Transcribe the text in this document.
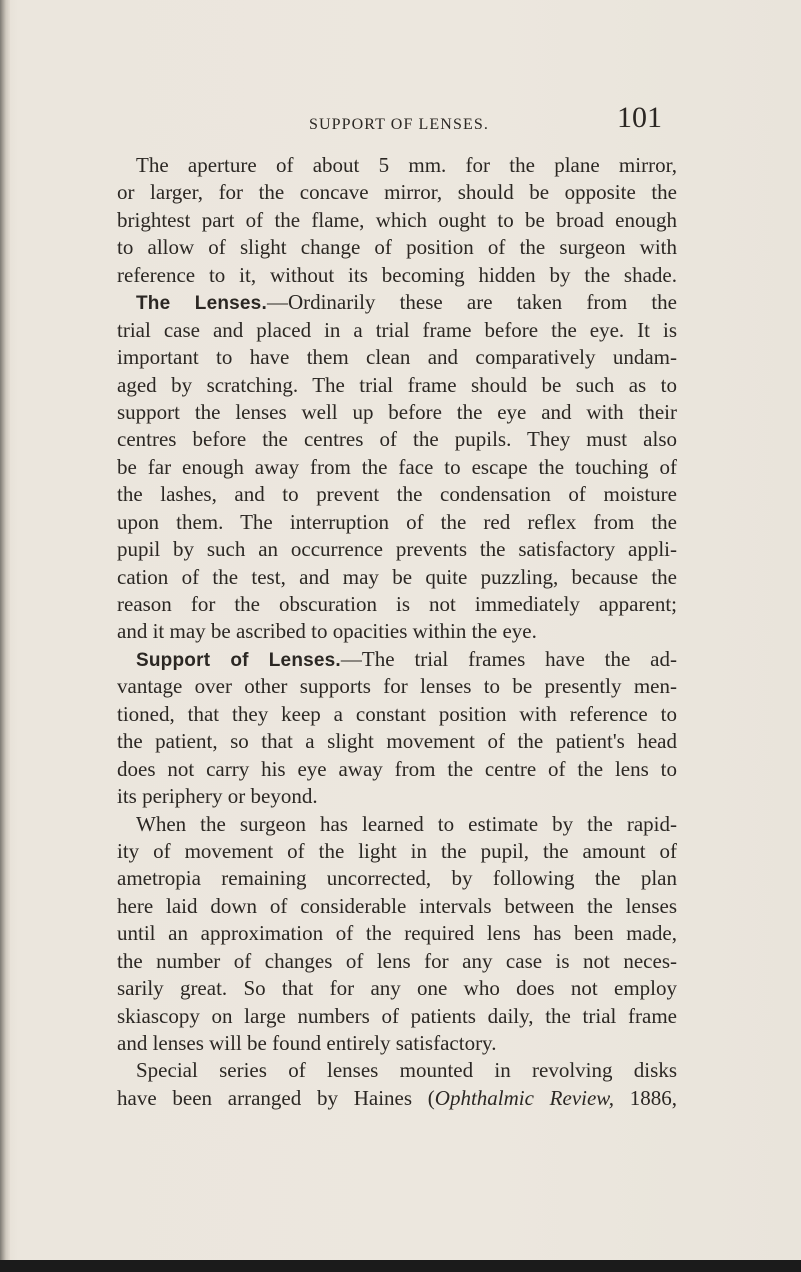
SUPPORT OF LENSES.	101
The aperture of about 5 mm. for the plane mirror,
or larger, for the concave mirror, should be opposite the
brightest part of the flame, which ought to be broad enough
to allow of slight change of position of the surgeon with
reference to it, without its becoming hidden by the shade.
The Lenses.—Ordinarily these are taken from the
trial case and placed in a trial frame before the eye. It is
important to have them clean and comparatively undam-
aged by scratching. The trial frame should be such as to
support the lenses well up before the eye and with their
centres before the centres of the pupils. They must also
be far enough away from the face to escape the touching of
the lashes, and to prevent the condensation of moisture
upon them. The interruption of the red reflex from the
pupil by such an occurrence prevents the satisfactory appli-
cation of the test, and may be quite puzzling, because the
reason for the obscuration is not immediately apparent;
and it may be ascribed to opacities within the eye.
Support of Lenses.—The trial frames have the ad-
vantage over other supports for lenses to be presently men-
tioned, that they keep a constant position with reference to
the patient, so that a slight movement of the patient's head
does not carry his eye away from the centre of the lens to
its periphery or beyond.
When the surgeon has learned to estimate by the rapid-
ity of movement of the light in the pupil, the amount of
ametropia remaining uncorrected, by following the plan
here laid down of considerable intervals between the lenses
until an approximation of the required lens has been made,
the number of changes of lens for any case is not neces-
sarily great. So that for any one who does not employ
skiascopy on large numbers of patients daily, the trial frame
and lenses will be found entirely satisfactory.
Special series of lenses mounted in revolving disks
have been arranged by Haines (Ophthalmic Review, 1886,
